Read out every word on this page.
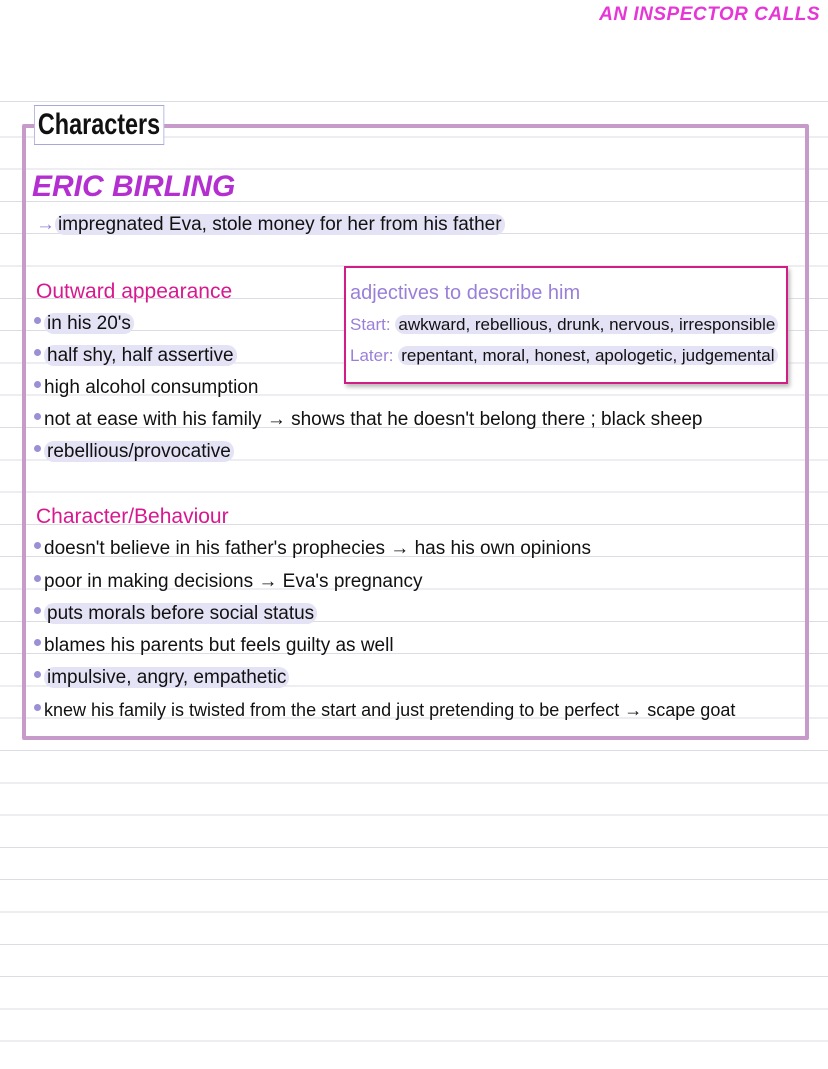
AN INSPECTOR CALLS
Characters
ERIC BIRLING
→ impregnated Eva, stole money for her from his father
Outward appearance
in his 20's
half shy, half assertive
high alcohol consumption
not at ease with his family → shows that he doesn't belong there ; black sheep
rebellious/provocative
adjectives to describe him
Start: awkward, rebellious, drunk, nervous, irresponsible
Later: repentant, moral, honest, apologetic, judgemental
Character/Behaviour
doesn't believe in his father's prophecies → has his own opinions
poor in making decisions → Eva's pregnancy
puts morals before social status
blames his parents but feels guilty as well
impulsive, angry, empathetic
knew his family is twisted from the start and just pretending to be perfect → scape goat
